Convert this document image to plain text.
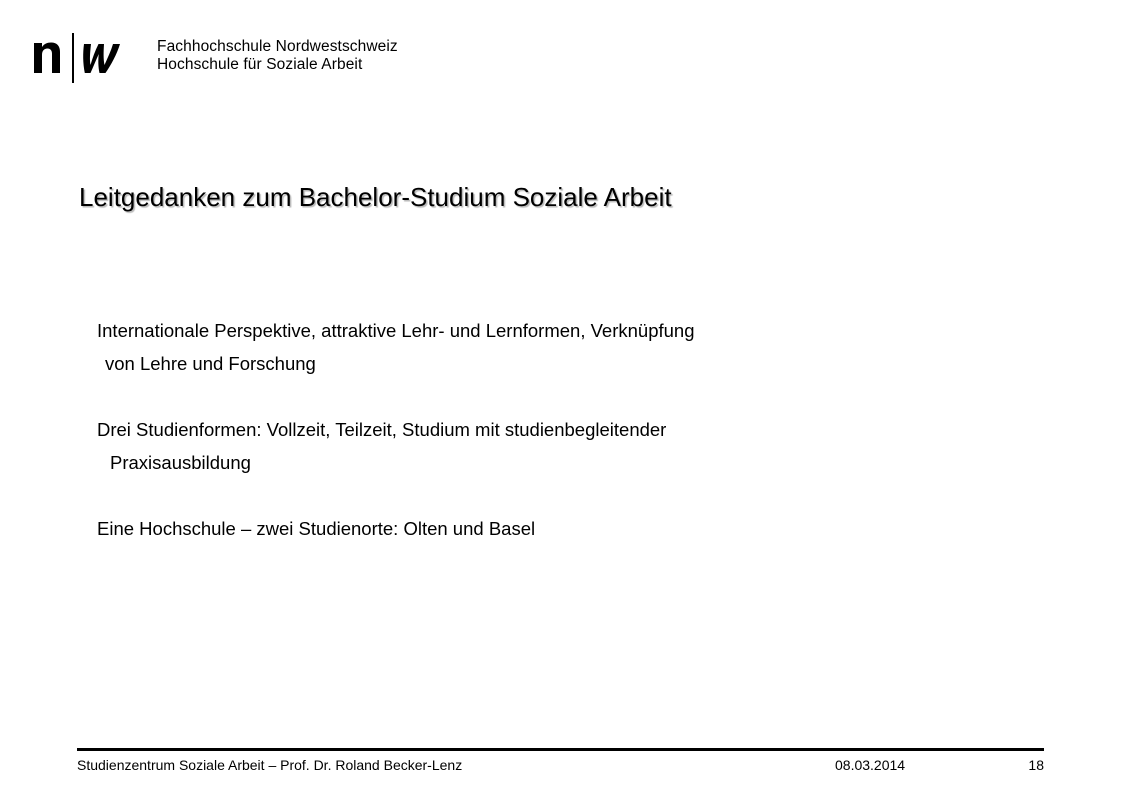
Fachhochschule Nordwestschweiz
Hochschule für Soziale Arbeit
Leitgedanken zum Bachelor-Studium Soziale Arbeit

Internationale Perspektive, attraktive Lehr- und Lernformen, Verknüpfung
von Lehre und Forschung

Drei Studienformen: Vollzeit, Teilzeit, Studium mit studienbegleitender
Praxisausbildung

Eine Hochschule – zwei Studienorte: Olten und Basel

Studienzentrum Soziale Arbeit – Prof. Dr. Roland Becker-Lenz	08.03.2014	18
